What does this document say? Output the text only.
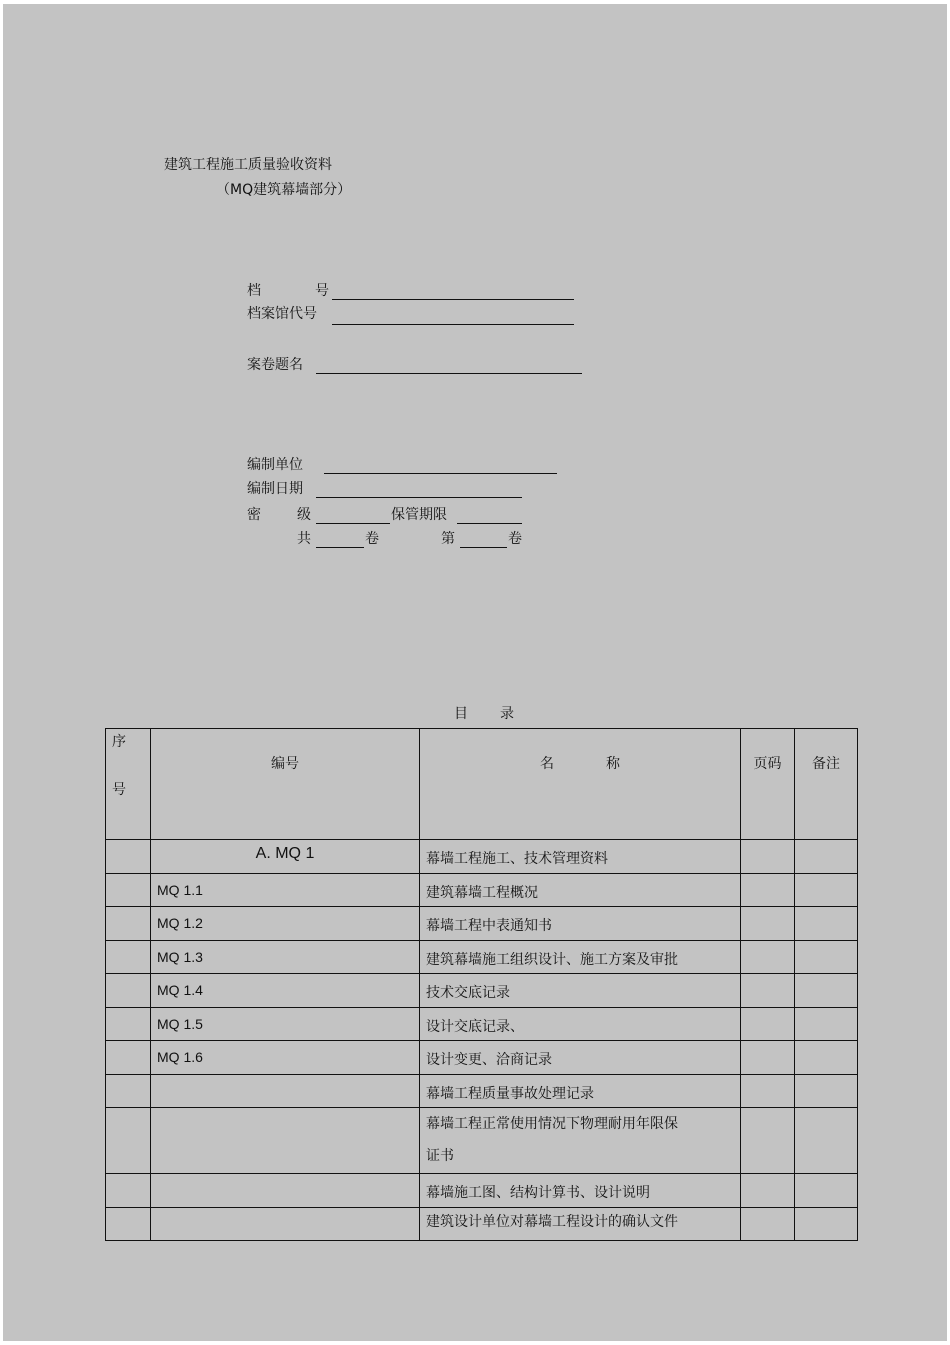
建筑工程施工质量验收资料
（MQ建筑幕墙部分）
档	号
档案馆代号
案卷题名
编制单位
编制日期
密	级	保管期限
共	卷	第	卷
目 录
序
号	编号	名 称	页码	备注
	A. MQ 1	幕墙工程施工、技术管理资料		
	MQ 1.1	建筑幕墙工程概况		
	MQ 1.2	幕墙工程中表通知书		
	MQ 1.3	建筑幕墙施工组织设计、施工方案及审批		
	MQ 1.4	技术交底记录		
	MQ 1.5	设计交底记录、		
	MQ 1.6	设计变更、洽商记录		
		幕墙工程质量事故处理记录		

		幕墙工程正常使用情况下物理耐用年限保
证书		

		幕墙施工图、结构计算书、设计说明		
		建筑设计单位对幕墙工程设计的确认文件		
